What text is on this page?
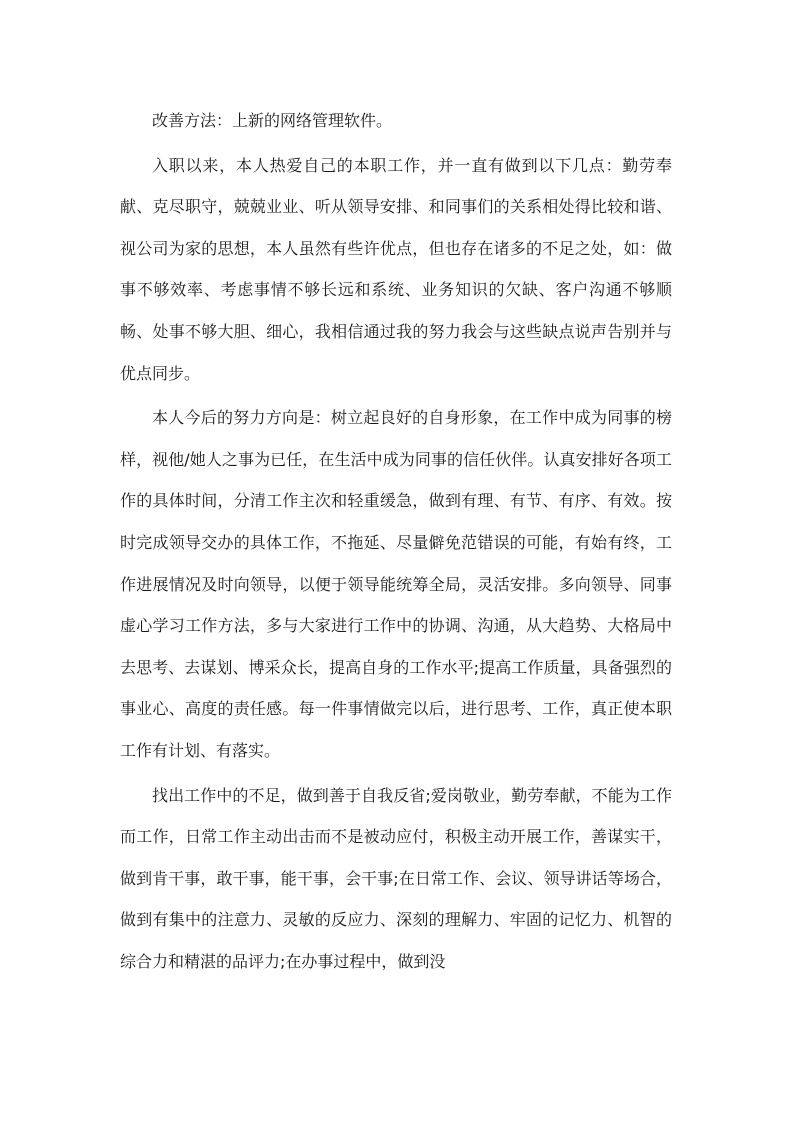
改善方法：上新的网络管理软件。

入职以来，本人热爱自己的本职工作，并一直有做到以下几点：勤劳奉献、克尽职守，兢兢业业、听从领导安排、和同事们的关系相处得比较和谐、视公司为家的思想，本人虽然有些许优点，但也存在诸多的不足之处，如：做事不够效率、考虑事情不够长远和系统、业务知识的欠缺、客户沟通不够顺畅、处事不够大胆、细心，我相信通过我的努力我会与这些缺点说声告别并与优点同步。

本人今后的努力方向是：树立起良好的自身形象，在工作中成为同事的榜样，视他/她人之事为已任，在生活中成为同事的信任伙伴。认真安排好各项工作的具体时间，分清工作主次和轻重缓急，做到有理、有节、有序、有效。按时完成领导交办的具体工作，不拖延、尽量僻免范错误的可能，有始有终，工作进展情况及时向领导，以便于领导能统筹全局，灵活安排。多向领导、同事虚心学习工作方法，多与大家进行工作中的协调、沟通，从大趋势、大格局中去思考、去谋划、博采众长，提高自身的工作水平;提高工作质量，具备强烈的事业心、高度的责任感。每一件事情做完以后，进行思考、工作，真正使本职工作有计划、有落实。

找出工作中的不足，做到善于自我反省;爱岗敬业，勤劳奉献，不能为工作而工作，日常工作主动出击而不是被动应付，积极主动开展工作，善谋实干，做到肯干事，敢干事，能干事，会干事;在日常工作、会议、领导讲话等场合，做到有集中的注意力、灵敏的反应力、深刻的理解力、牢固的记忆力、机智的综合力和精湛的品评力;在办事过程中，做到没
